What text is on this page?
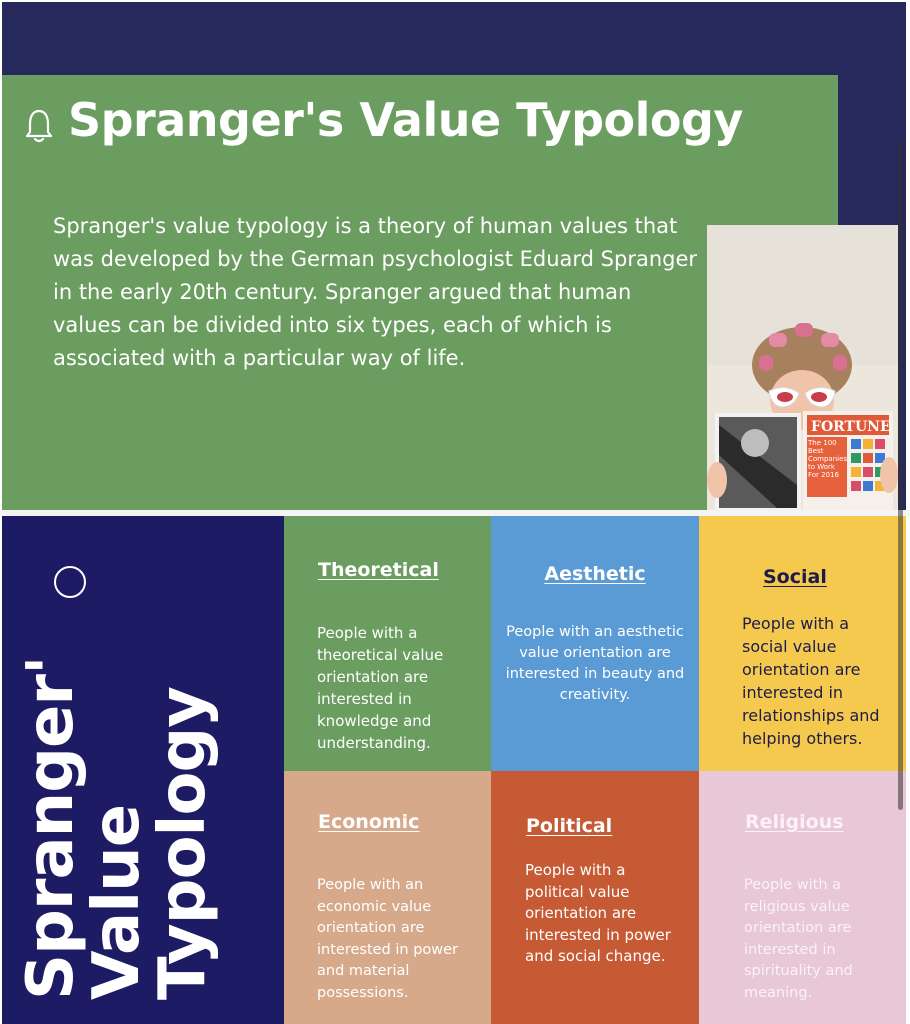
Spranger's Value Typology
Spranger's value typology is a theory of human values that was developed by the German psychologist Eduard Spranger in the early 20th century. Spranger argued that human values can be divided into six types, each of which is associated with a particular way of life.
FORTUNE
The 100 Best Companies to Work For 2016
Spranger'
Value
Typology
Theoretical
People with a theoretical value orientation are interested in knowledge and understanding.
Aesthetic
People with an aesthetic value orientation are interested in beauty and creativity.
Social
People with a social value orientation are interested in relationships and helping others.
Economic
People with an economic value orientation are interested in power and material possessions.
Political
People with a political value orientation are interested in power and social change.
Religious
People with a religious value orientation are interested in spirituality and meaning.
